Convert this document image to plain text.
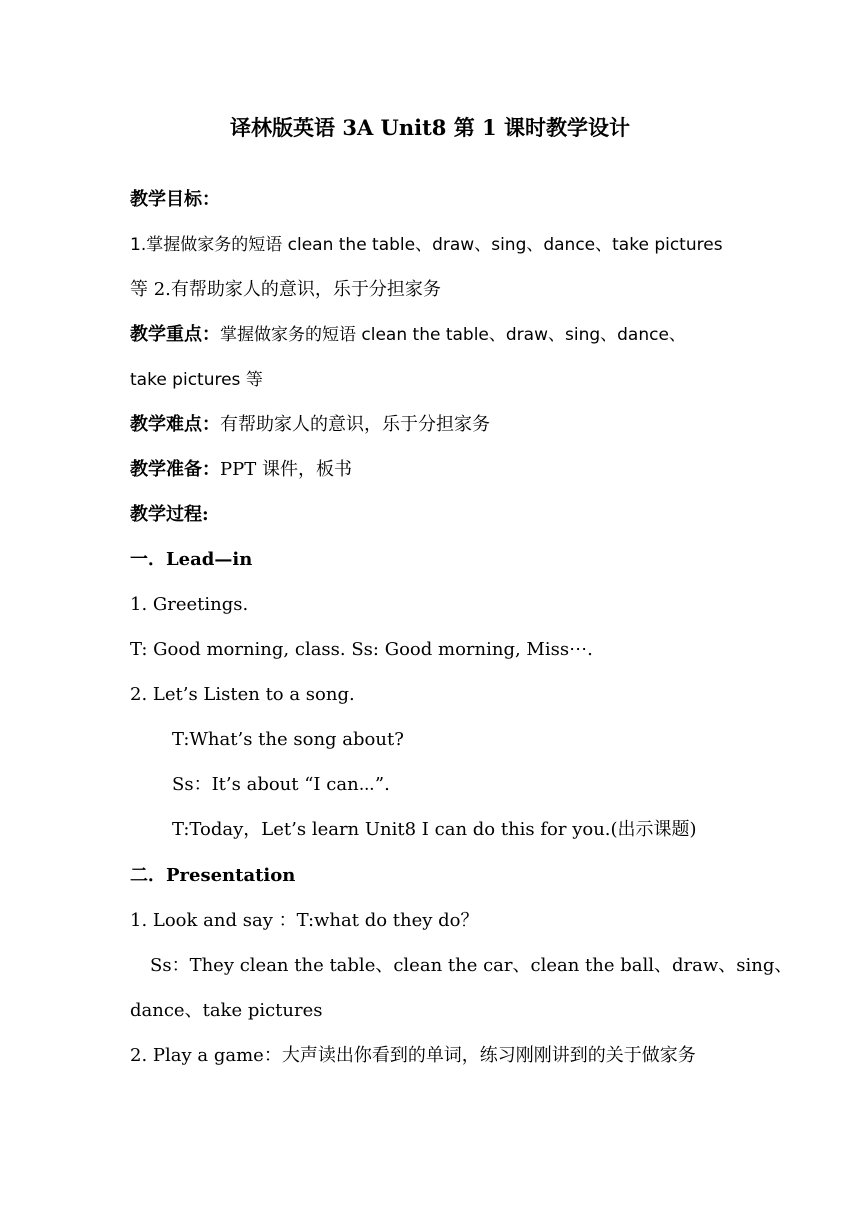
译林版英语 3A Unit8 第 1 课时教学设计
教学目标：
1.掌握做家务的短语 clean the table、draw、sing、dance、take pictures
等 2.有帮助家人的意识，乐于分担家务
教学重点：掌握做家务的短语 clean the table、draw、sing、dance、
take pictures 等
教学难点：有帮助家人的意识，乐于分担家务
教学准备：PPT 课件，板书
教学过程:
一．Lead—in
1. Greetings.
T: Good morning, class. Ss: Good morning, Miss⋯.
2. Let’s Listen to a song.
T:What’s the song about?
Ss：It’s about “I can⋯”.
T:Today，Let’s learn Unit8 I can do this for you.(出示课题)
二．Presentation
1. Look and say ：T:what do they do？
Ss：They clean the table、clean the car、clean the ball、draw、sing、
dance、take pictures
2. Play a game：大声读出你看到的单词，练习刚刚讲到的关于做家务
